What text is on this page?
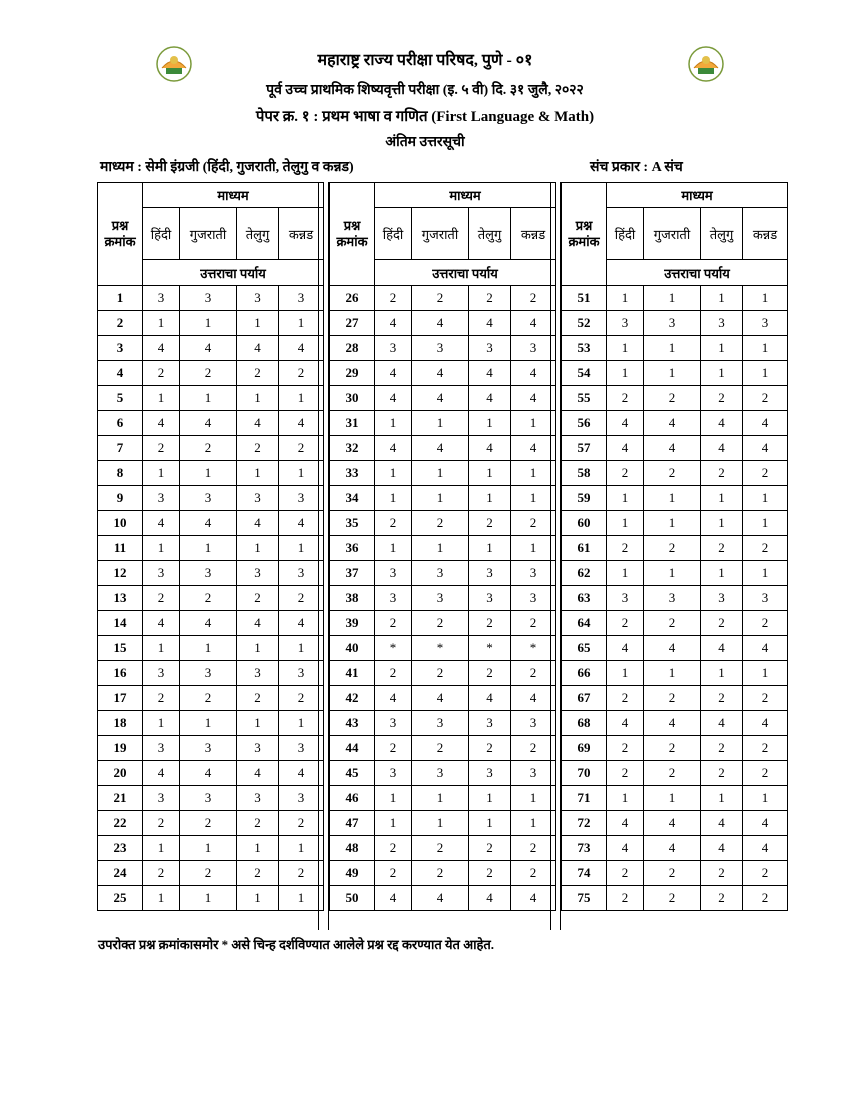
महाराष्ट्र राज्य परीक्षा परिषद, पुणे - ०१
पूर्व उच्च प्राथमिक शिष्यवृत्ती परीक्षा (इ. ५ वी) दि. ३१ जुलै, २०२२
पेपर क्र. १ : प्रथम भाषा व गणित (First Language & Math)
अंतिम उत्तरसूची
माध्यम : सेमी इंग्रजी (हिंदी, गुजराती, तेलुगु व कन्नड)	संच प्रकार : A संच
प्रश्न क्रमांक	माध्यम			
	हिंदी	गुजराती	तेलुगु	कन्नड
	उत्तराचा पर्याय			
1	3	3	3	3
2	1	1	1	1
3	4	4	4	4
4	2	2	2	2
5	1	1	1	1
6	4	4	4	4
7	2	2	2	2
8	1	1	1	1
9	3	3	3	3
10	4	4	4	4
11	1	1	1	1
12	3	3	3	3
13	2	2	2	2
14	4	4	4	4
15	1	1	1	1
16	3	3	3	3
17	2	2	2	2
18	1	1	1	1
19	3	3	3	3
20	4	4	4	4
21	3	3	3	3
22	2	2	2	2
23	1	1	1	1
24	2	2	2	2
25	1	1	1	1
प्रश्न क्रमांक	माध्यम			
	हिंदी	गुजराती	तेलुगु	कन्नड
	उत्तराचा पर्याय			
26	2	2	2	2
27	4	4	4	4
28	3	3	3	3
29	4	4	4	4
30	4	4	4	4
31	1	1	1	1
32	4	4	4	4
33	1	1	1	1
34	1	1	1	1
35	2	2	2	2
36	1	1	1	1
37	3	3	3	3
38	3	3	3	3
39	2	2	2	2
40	*	*	*	*
41	2	2	2	2
42	4	4	4	4
43	3	3	3	3
44	2	2	2	2
45	3	3	3	3
46	1	1	1	1
47	1	1	1	1
48	2	2	2	2
49	2	2	2	2
50	4	4	4	4
प्रश्न क्रमांक	माध्यम			
	हिंदी	गुजराती	तेलुगु	कन्नड
	उत्तराचा पर्याय			
51	1	1	1	1
52	3	3	3	3
53	1	1	1	1
54	1	1	1	1
55	2	2	2	2
56	4	4	4	4
57	4	4	4	4
58	2	2	2	2
59	1	1	1	1
60	1	1	1	1
61	2	2	2	2
62	1	1	1	1
63	3	3	3	3
64	2	2	2	2
65	4	4	4	4
66	1	1	1	1
67	2	2	2	2
68	4	4	4	4
69	2	2	2	2
70	2	2	2	2
71	1	1	1	1
72	4	4	4	4
73	4	4	4	4
74	2	2	2	2
75	2	2	2	2
उपरोक्त प्रश्न क्रमांकासमोर * असे चिन्ह दर्शविण्यात आलेले प्रश्न रद्द करण्यात येत आहेत.
